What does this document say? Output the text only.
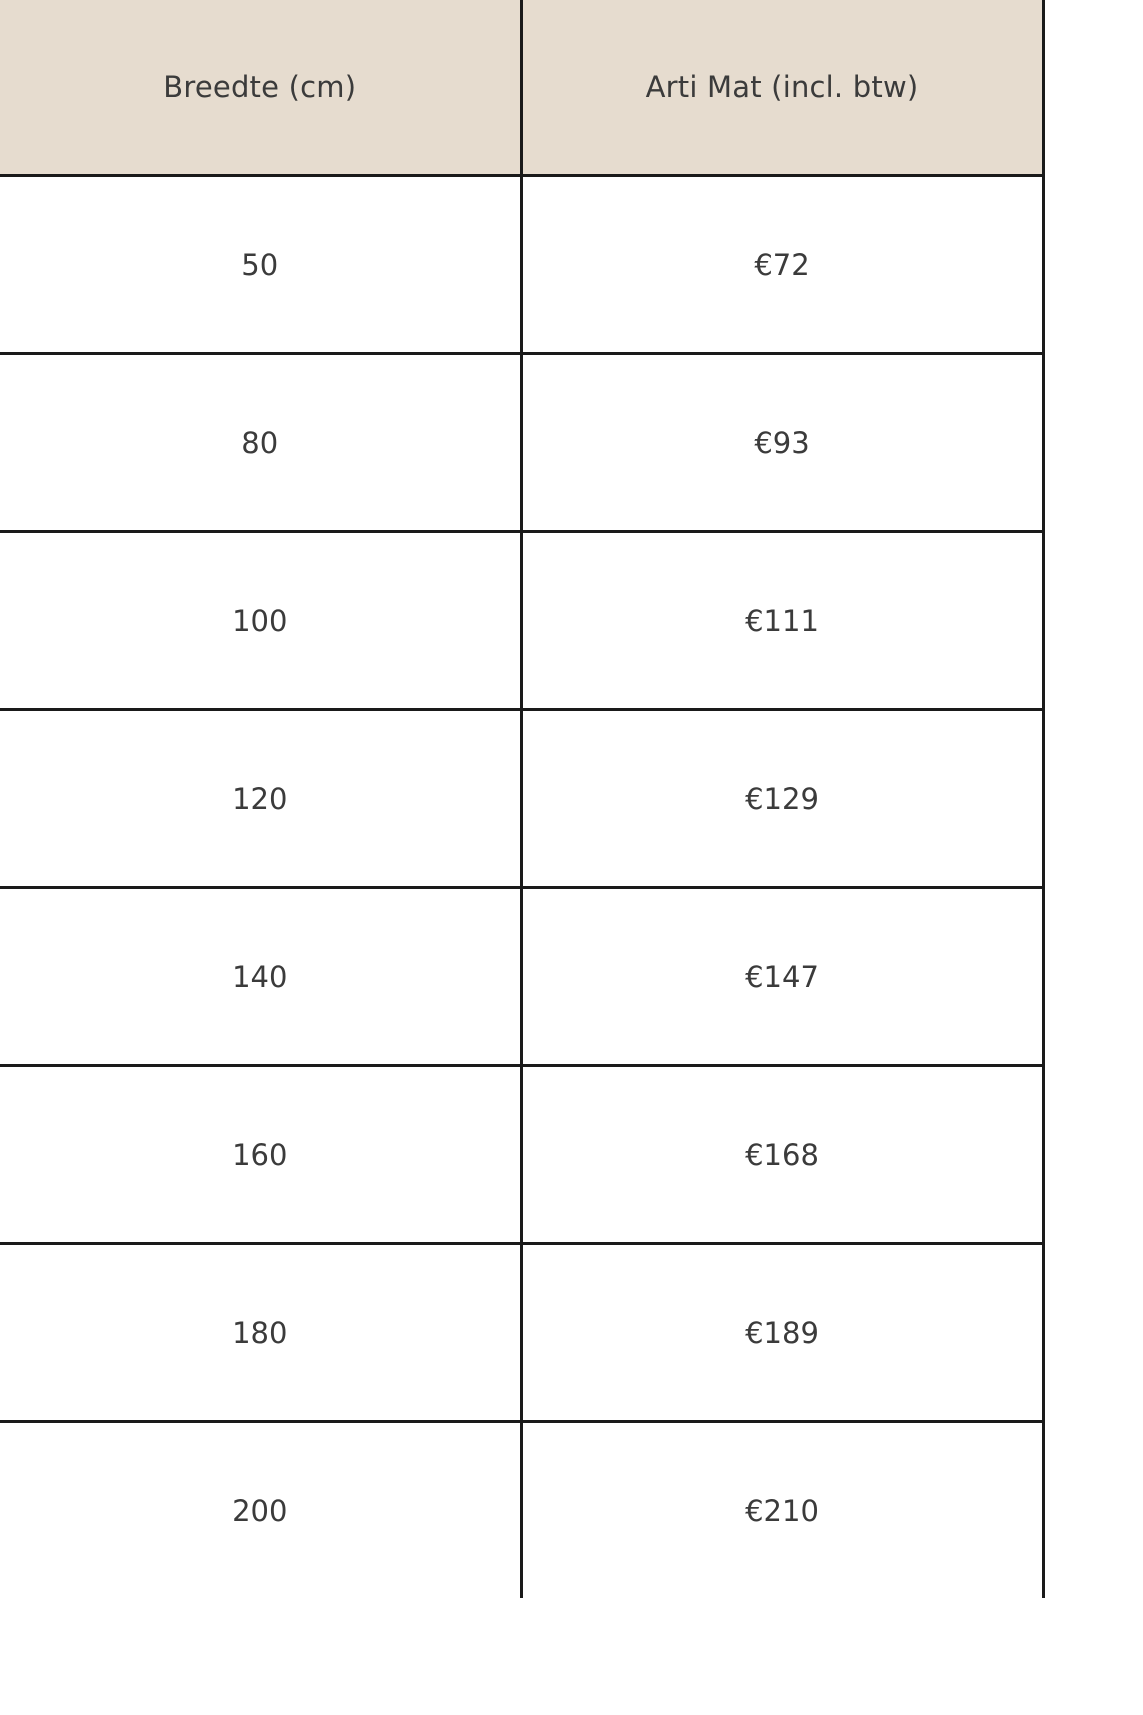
Breedte (cm)	Arti Mat (incl. btw)
50	€72
80	€93
100	€111
120	€129
140	€147
160	€168
180	€189
200	€210
